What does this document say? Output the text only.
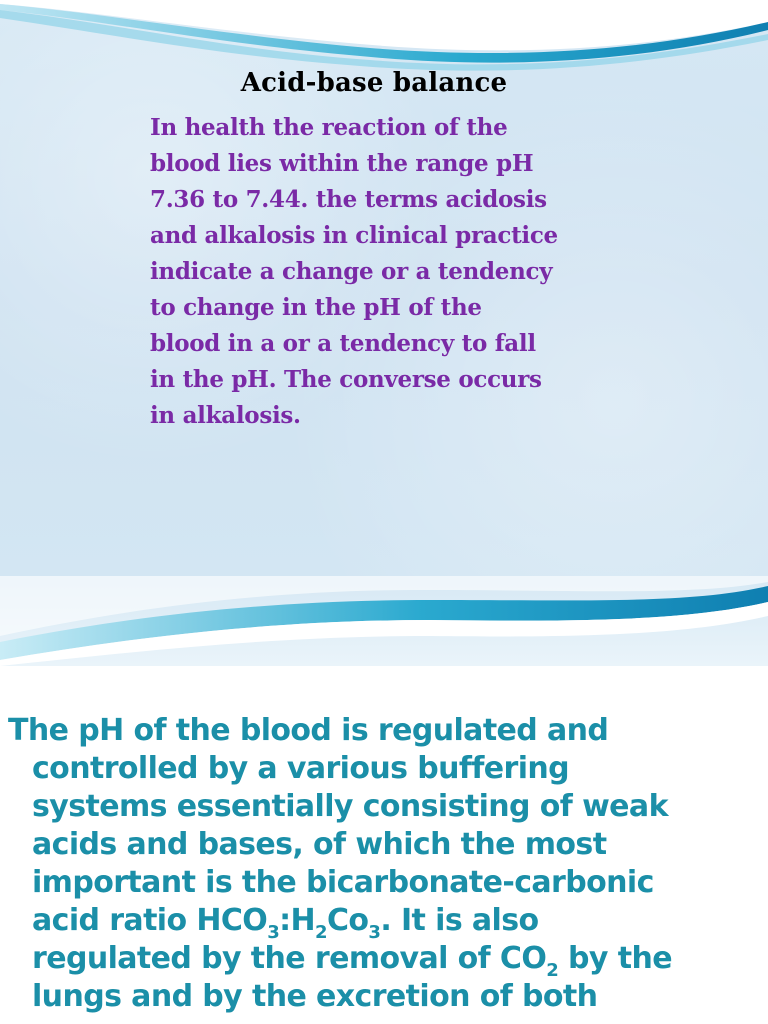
Acid-base balance
In health the reaction of the
blood lies within the range pH
7.36 to 7.44. the terms acidosis
and alkalosis in clinical practice
indicate a change or a tendency
to change in the pH of the
blood in a or a tendency to fall
in the pH. The converse occurs
in alkalosis.
The pH of the blood is regulated and
controlled by a various buffering
systems essentially consisting of weak
acids and bases, of which the most
important is the bicarbonate-carbonic
acid ratio $HCO_3:H_2Co_3$. It is also
regulated by the removal of $CO_2$ by the
lungs and by the excretion of both
